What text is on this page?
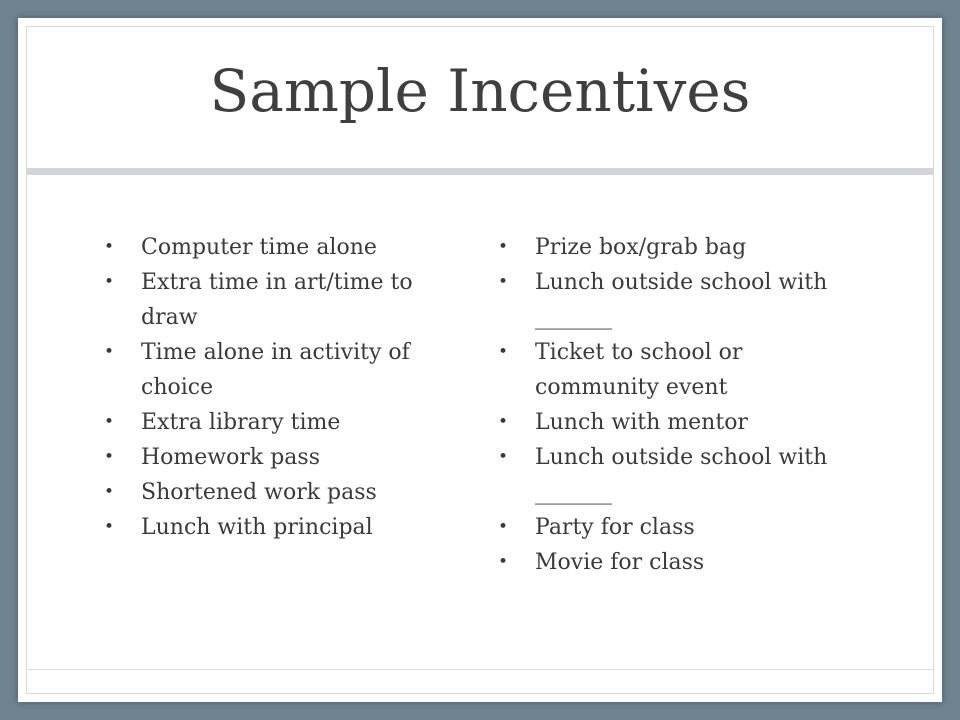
Sample Incentives
• Computer time alone
• Extra time in art/time to draw
• Time alone in activity of choice
• Extra library time
• Homework pass
• Shortened work pass
• Lunch with principal
• Prize box/grab bag
• Lunch outside school with _______
• Ticket to school or community event
• Lunch with mentor
• Lunch outside school with _______
• Party for class
• Movie for class
